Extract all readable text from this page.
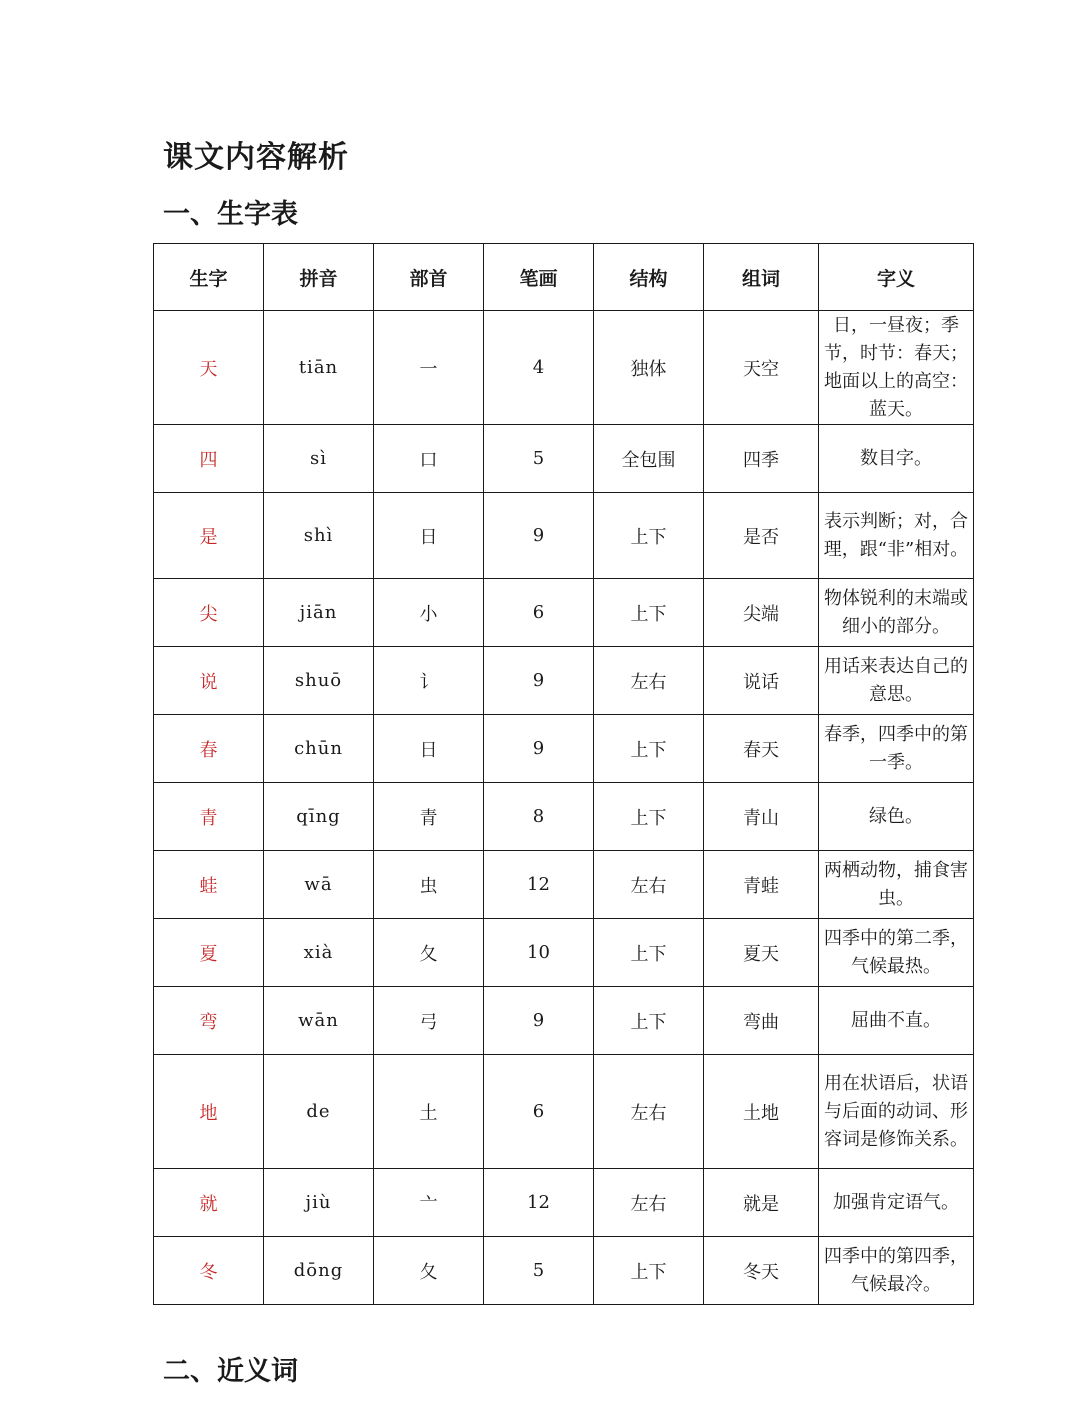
课文内容解析
一、生字表
生字	拼音	部首	笔画	结构	组词	字义
天	tiān	一	4	独体	天空	日，一昼夜；季节，时节：春天；地面以上的高空：蓝天。
四	sì	口	5	全包围	四季	数目字。
是	shì	日	9	上下	是否	表示判断；对，合理，跟“非”相对。
尖	jiān	小	6	上下	尖端	物体锐利的末端或细小的部分。
说	shuō	讠	9	左右	说话	用话来表达自己的意思。
春	chūn	日	9	上下	春天	春季，四季中的第一季。
青	qīng	青	8	上下	青山	绿色。
蛙	wā	虫	12	左右	青蛙	两栖动物，捕食害虫。
夏	xià	夂	10	上下	夏天	四季中的第二季，气候最热。
弯	wān	弓	9	上下	弯曲	屈曲不直。
地	de	土	6	左右	土地	用在状语后，状语与后面的动词、形容词是修饰关系。
就	jiù	亠	12	左右	就是	加强肯定语气。
冬	dōng	夂	5	上下	冬天	四季中的第四季，气候最冷。
二、近义词
